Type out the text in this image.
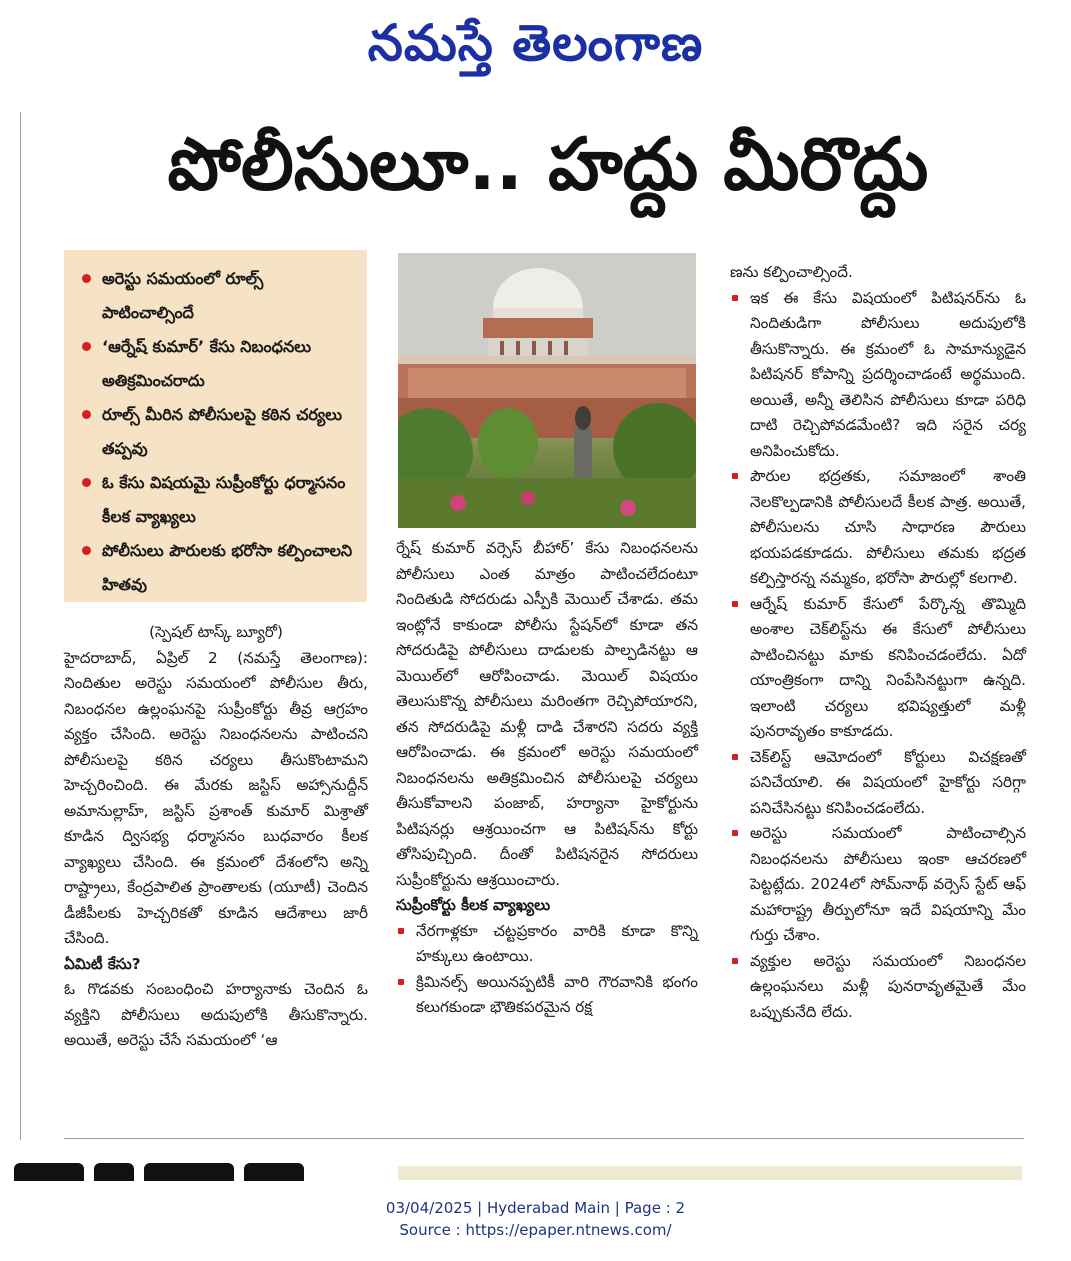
నమస్తే తెలంగాణ
పోలీసులూ.. హద్దు మీరొద్దు
అరెస్టు సమయంలో రూల్స్ పాటించాల్సిందే
‘ఆర్నేష్ కుమార్’ కేసు నిబంధనలు అతిక్రమించరాదు
రూల్స్ మీరిన పోలీసులపై కఠిన చర్యలు తప్పవు
ఓ కేసు విషయమై సుప్రీంకోర్టు ధర్మాసనం కీలక వ్యాఖ్యలు
పోలీసులు పౌరులకు భరోసా కల్పించాలని హితవు
(స్పెషల్ టాస్క్ బ్యూరో)

హైదరాబాద్, ఏప్రిల్ 2 (నమస్తే తెలంగాణ): నిందితుల అరెస్టు సమయంలో పోలీసుల తీరు, నిబంధనల ఉల్లంఘనపై సుప్రీంకోర్టు తీవ్ర ఆగ్రహం వ్యక్తం చేసింది. అరెస్టు నిబంధనలను పాటించని పోలీసులపై కఠిన చర్యలు తీసుకొంటామని హెచ్చరించింది. ఈ మేరకు జస్టిస్ అహ్సానుద్దీన్ అమానుల్లాహ్, జస్టిస్ ప్రశాంత్ కుమార్ మిశ్రాతో కూడిన ద్విసభ్య ధర్మాసనం బుధవారం కీలక వ్యాఖ్యలు చేసింది. ఈ క్రమంలో దేశంలోని అన్ని రాష్ట్రాలు, కేంద్రపాలిత ప్రాంతాలకు (యూటీ) చెందిన డీజీపీలకు హెచ్చరికతో కూడిన ఆదేశాలు జారీ చేసింది.

ఏమిటీ కేసు?

ఓ గొడవకు సంబంధించి హర్యానాకు చెందిన ఓ వ్యక్తిని పోలీసులు అదుపులోకి తీసుకొన్నారు. అయితే, అరెస్టు చేసే సమయంలో ‘ఆ

ర్నేష్ కుమార్ వర్సెస్ బీహార్’ కేసు నిబంధనలను పోలీసులు ఎంత మాత్రం పాటించలేదంటూ నిందితుడి సోదరుడు ఎస్పీకి మెయిల్ చేశాడు. తమ ఇంట్లోనే కాకుండా పోలీసు స్టేషన్‌లో కూడా తన సోదరుడిపై పోలీసులు దాడులకు పాల్పడినట్టు ఆ మెయిల్‌లో ఆరోపించాడు. మెయిల్ విషయం తెలుసుకొన్న పోలీసులు మరింతగా రెచ్చిపోయారని, తన సోదరుడిపై మళ్లీ దాడి చేశారని సదరు వ్యక్తి ఆరోపించాడు. ఈ క్రమంలో అరెస్టు సమయంలో నిబంధనలను అతిక్రమించిన పోలీసులపై చర్యలు తీసుకోవాలని పంజాబ్, హర్యానా హైకోర్టును పిటిషనర్లు ఆశ్రయించగా ఆ పిటిషన్‌ను కోర్టు తోసిపుచ్చింది. దీంతో పిటిషనరైన సోదరులు సుప్రీంకోర్టును ఆశ్రయించారు.

సుప్రీంకోర్టు కీలక వ్యాఖ్యలు
నేరగాళ్లకూ చట్టప్రకారం వారికి కూడా కొన్ని హక్కులు ఉంటాయి.
క్రిమినల్స్ అయినప్పటికీ వారి గౌరవానికి భంగం కలుగకుండా భౌతికపరమైన రక్ష

ణను కల్పించాల్సిందే.

ఇక ఈ కేసు విషయంలో పిటిషనర్‌ను ఓ నిందితుడిగా పోలీసులు అదుపులోకి తీసుకొన్నారు. ఈ క్రమంలో ఓ సామాన్యుడైన పిటిషనర్ కోపాన్ని ప్రదర్శించాడంటే అర్థముంది. అయితే, అన్నీ తెలిసిన పోలీసులు కూడా పరిధి దాటి రెచ్చిపోవడమేంటి? ఇది సరైన చర్య అనిపించుకోదు.
పౌరుల భద్రతకు, సమాజంలో శాంతి నెలకొల్పడానికి పోలీసులదే కీలక పాత్ర. అయితే, పోలీసులను చూసి సాధారణ పౌరులు భయపడకూడదు. పోలీసులు తమకు భద్రత కల్పిస్తారన్న నమ్మకం, భరోసా పౌరుల్లో కలగాలి.
ఆర్నేష్ కుమార్ కేసులో పేర్కొన్న తొమ్మిది అంశాల చెక్‌లిస్ట్‌ను ఈ కేసులో పోలీసులు పాటించినట్టు మాకు కనిపించడంలేదు. ఏదో యాంత్రికంగా దాన్ని నింపేసినట్టుగా ఉన్నది. ఇలాంటి చర్యలు భవిష్యత్తులో మళ్లీ పునరావృతం కాకూడదు.
చెక్‌లిస్ట్ ఆమోదంలో కోర్టులు విచక్షణతో పనిచేయాలి. ఈ విషయంలో హైకోర్టు సరిగ్గా పనిచేసినట్టు కనిపించడంలేదు.
అరెస్టు సమయంలో పాటించాల్సిన నిబంధనలను పోలీసులు ఇంకా ఆచరణలో పెట్టట్లేదు. 2024లో సోమ్‌నాథ్ వర్సెస్ స్టేట్ ఆఫ్ మహారాష్ట్ర తీర్పులోనూ ఇదే విషయాన్ని మేం గుర్తు చేశాం.
వ్యక్తుల అరెస్టు సమయంలో నిబంధనల ఉల్లంఘనలు మళ్లీ పునరావృతమైతే మేం ఒప్పుకునేది లేదు.
03/04/2025 | Hyderabad Main | Page : 2
Source : https://epaper.ntnews.com/
